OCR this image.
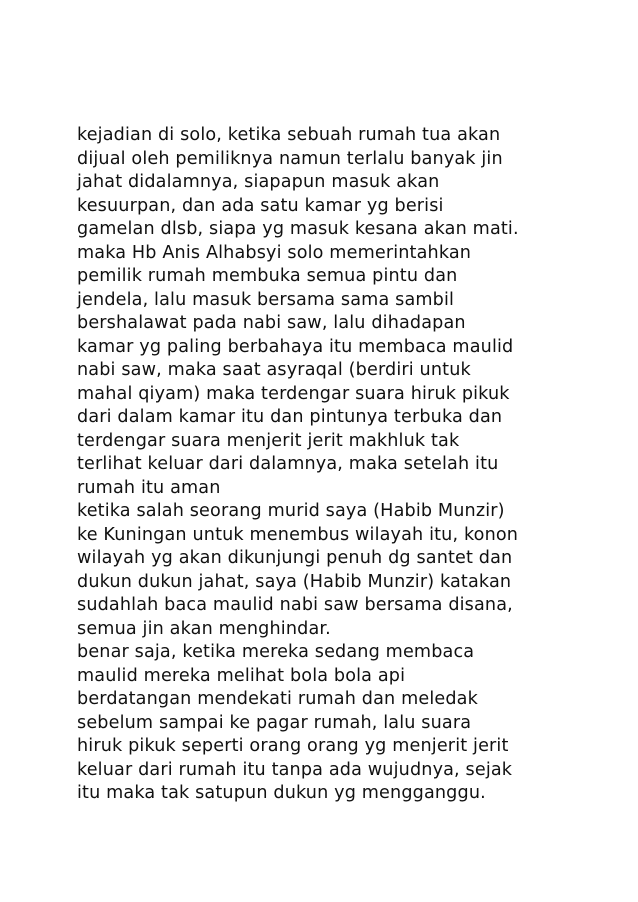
kejadian di solo, ketika sebuah rumah tua akan
dijual oleh pemiliknya namun terlalu banyak jin
jahat didalamnya, siapapun masuk akan
kesuurpan, dan ada satu kamar yg berisi
gamelan dlsb, siapa yg masuk kesana akan mati.
maka Hb Anis Alhabsyi solo memerintahkan
pemilik rumah membuka semua pintu dan
jendela, lalu masuk bersama sama sambil
bershalawat pada nabi saw, lalu dihadapan
kamar yg paling berbahaya itu membaca maulid
nabi saw, maka saat asyraqal (berdiri untuk
mahal qiyam) maka terdengar suara hiruk pikuk
dari dalam kamar itu dan pintunya terbuka dan
terdengar suara menjerit jerit makhluk tak
terlihat keluar dari dalamnya, maka setelah itu
rumah itu aman
ketika salah seorang murid saya (Habib Munzir)
ke Kuningan untuk menembus wilayah itu, konon
wilayah yg akan dikunjungi penuh dg santet dan
dukun dukun jahat, saya (Habib Munzir) katakan
sudahlah baca maulid nabi saw bersama disana,
semua jin akan menghindar.
benar saja, ketika mereka sedang membaca
maulid mereka melihat bola bola api
berdatangan mendekati rumah dan meledak
sebelum sampai ke pagar rumah, lalu suara
hiruk pikuk seperti orang orang yg menjerit jerit
keluar dari rumah itu tanpa ada wujudnya, sejak
itu maka tak satupun dukun yg mengganggu.
